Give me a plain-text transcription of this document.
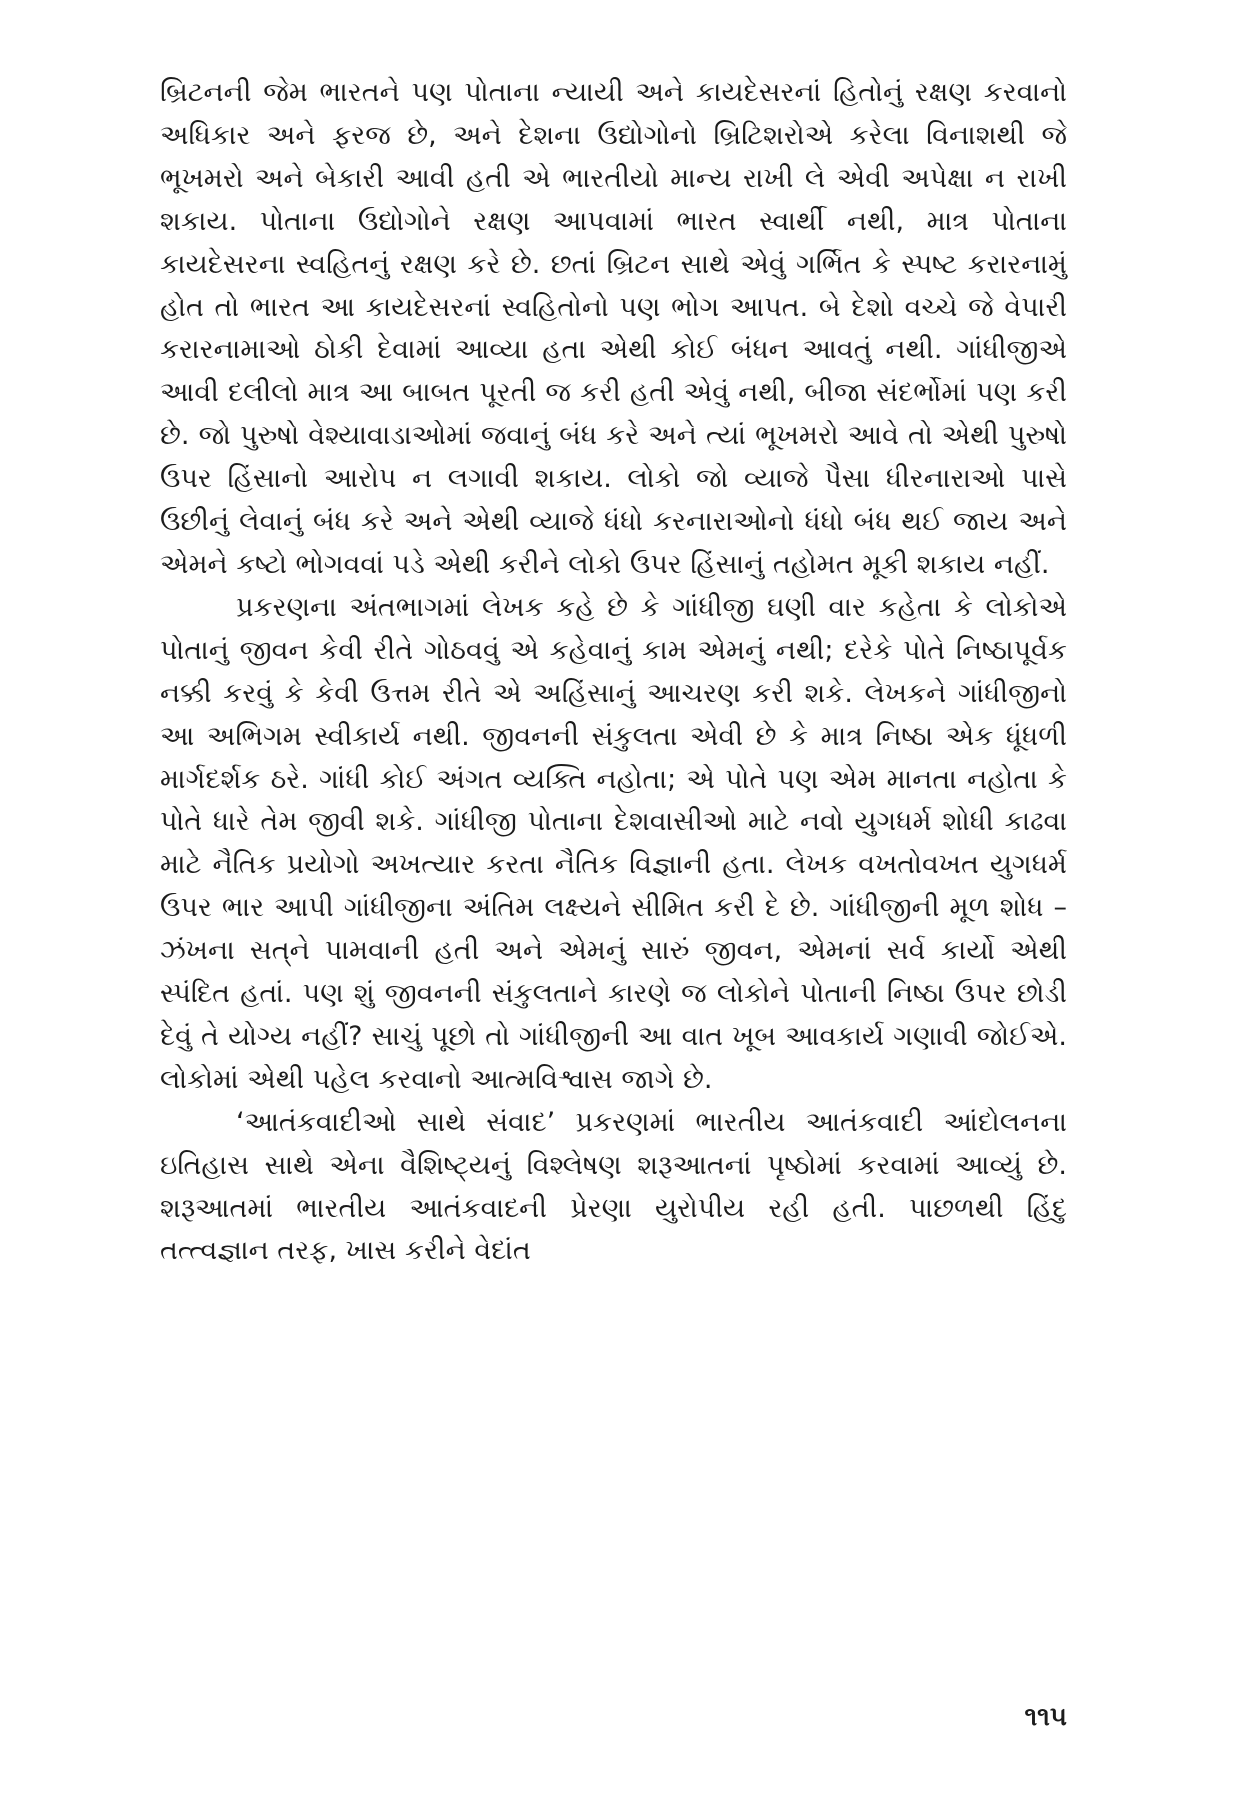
બ્રિટનની જેમ ભારતને પણ પોતાના ન્યાયી અને કાયદેસરનાં હિતોનું રક્ષણ કરવાનો અધિકાર અને ફરજ છે, અને દેશના ઉદ્યોગોનો બ્રિટિશરોએ કરેલા વિનાશથી જે ભૂખમરો અને બેકારી આવી હતી એ ભારતીયો માન્ય રાખી લે એવી અપેક્ષા ન રાખી શકાય. પોતાના ઉદ્યોગોને રક્ષણ આપવામાં ભારત સ્વાર્થી નથી, માત્ર પોતાના કાયદેસરના સ્વહિતનું રક્ષણ કરે છે. છતાં બ્રિટન સાથે એવું ગર્ભિત કે સ્પષ્ટ કરારનામું હોત તો ભારત આ કાયદેસરનાં સ્વહિતોનો પણ ભોગ આપત. બે દેશો વચ્ચે જે વેપારી કરારનામાઓ ઠોકી દેવામાં આવ્યા હતા એથી કોઈ બંધન આવતું નથી. ગાંધીજીએ આવી દલીલો માત્ર આ બાબત પૂરતી જ કરી હતી એવું નથી, બીજા સંદર્ભોમાં પણ કરી છે. જો પુરુષો વેશ્યાવાડાઓમાં જવાનું બંધ કરે અને ત્યાં ભૂખમરો આવે તો એથી પુરુષો ઉપર હિંસાનો આરોપ ન લગાવી શકાય. લોકો જો વ્યાજે પૈસા ધીરનારાઓ પાસે ઉછીનું લેવાનું બંધ કરે અને એથી વ્યાજે ધંધો કરનારાઓનો ધંધો બંધ થઈ જાય અને એમને કષ્ટો ભોગવવાં પડે એથી કરીને લોકો ઉપર હિંસાનું તહોમત મૂકી શકાય નહીં.

પ્રકરણના અંતભાગમાં લેખક કહે છે કે ગાંધીજી ઘણી વાર કહેતા કે લોકોએ પોતાનું જીવન કેવી રીતે ગોઠવવું એ કહેવાનું કામ એમનું નથી; દરેકે પોતે નિષ્ઠાપૂર્વક નક્કી કરવું કે કેવી ઉત્તમ રીતે એ અહિંસાનું આચરણ કરી શકે. લેખકને ગાંધીજીનો આ અભિગમ સ્વીકાર્ય નથી. જીવનની સંકુલતા એવી છે કે માત્ર નિષ્ઠા એક ધૂંધળી માર્ગદર્શક ઠરે. ગાંધી કોઈ અંગત વ્યક્તિ નહોતા; એ પોતે પણ એમ માનતા નહોતા કે પોતે ધારે તેમ જીવી શકે. ગાંધીજી પોતાના દેશવાસીઓ માટે નવો યુગધર્મ શોધી કાઢવા માટે નૈતિક પ્રયોગો અખત્યાર કરતા નૈતિક વિજ્ઞાની હતા. લેખક વખતોવખત યુગધર્મ ઉપર ભાર આપી ગાંધીજીના અંતિમ લક્ષ્યને સીમિત કરી દે છે. ગાંધીજીની મૂળ શોધ – ઝંખના સત્‌ને પામવાની હતી અને એમનું સારું જીવન, એમનાં સર્વ કાર્યો એથી સ્પંદિત હતાં. પણ શું જીવનની સંકુલતાને કારણે જ લોકોને પોતાની નિષ્ઠા ઉપર છોડી દેવું તે યોગ્ય નહીં? સાચું પૂછો તો ગાંધીજીની આ વાત ખૂબ આવકાર્ય ગણાવી જોઈએ. લોકોમાં એથી પહેલ કરવાનો આત્મવિશ્વાસ જાગે છે.

‘આતંકવાદીઓ સાથે સંવાદ’ પ્રકરણમાં ભારતીય આતંકવાદી આંદોલનના ઇતિહાસ સાથે એના વૈશિષ્ટ્યનું વિશ્લેષણ શરૂઆતનાં પૃષ્ઠોમાં કરવામાં આવ્યું છે. શરૂઆતમાં ભારતીય આતંકવાદની પ્રેરણા યુરોપીય રહી હતી. પાછળથી હિંદુ તત્ત્વજ્ઞાન તરફ, ખાસ કરીને વેદાંત

૧૧૫
